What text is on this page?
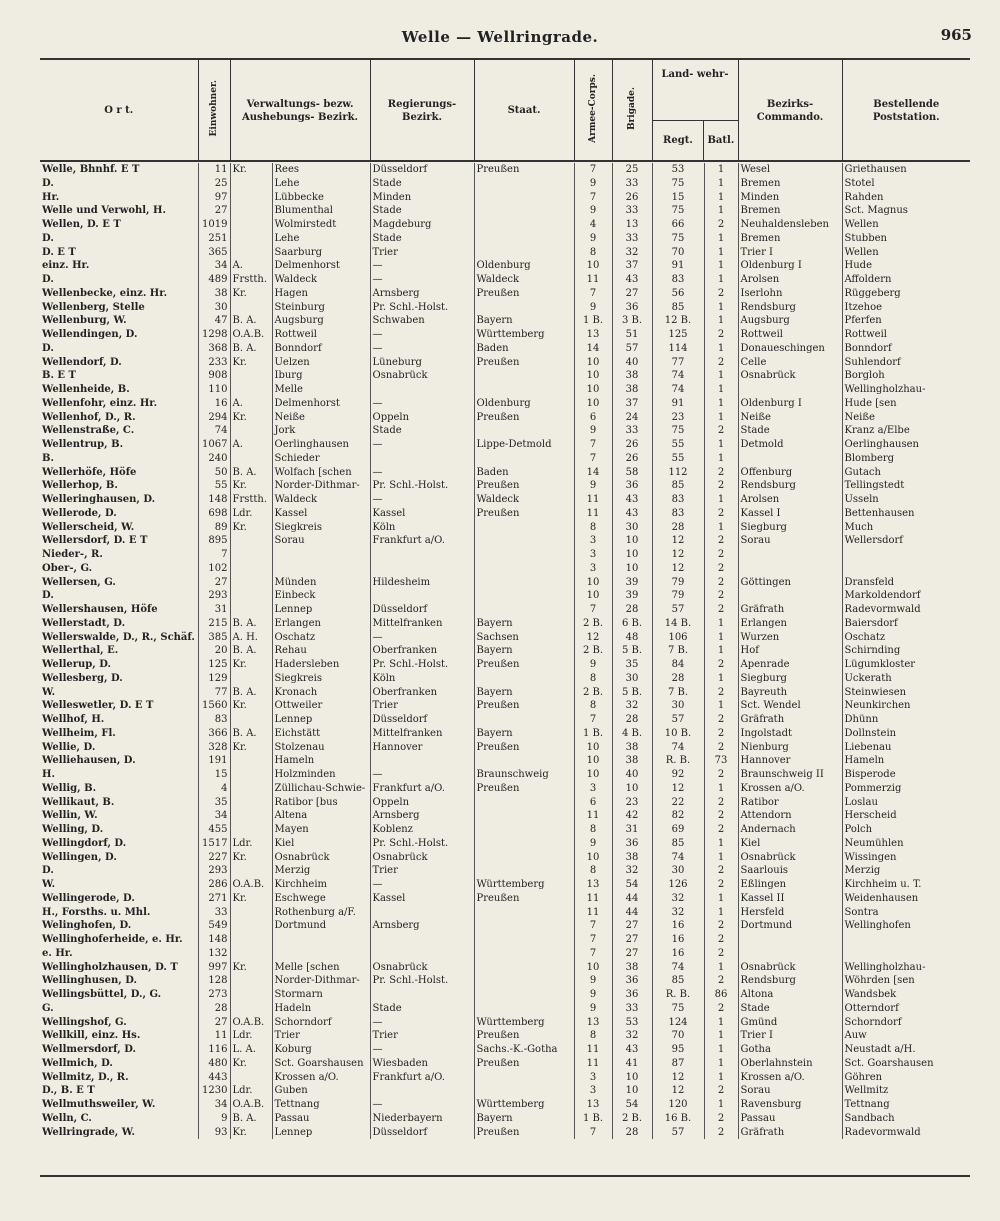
Welle — Wellringrade.	965
O r t.	Einwohner.	Verwaltungs- bezw. Aushebungs- Bezirk.	Regierungs- Bezirk.	Staat.	Armee-Corps.	Brigade.	
Land- wehr-
Regt.	Batl.
	Bezirks- Commando.	Bestellende Poststation.
Welle, Bhnhf. E T	11	Kr.	Rees	Düsseldorf	Preußen	7	25	53	1	Wesel	Griethausen
D.	25		Lehe	Stade		9	33	75	1	Bremen	Stotel
Hr.	97		Lübbecke	Minden		7	26	15	1	Minden	Rahden
Welle und Verwohl, H.	27		Blumenthal	Stade		9	33	75	1	Bremen	Sct. Magnus
Wellen, D. E T	1019		Wolmirstedt	Magdeburg		4	13	66	2	Neuhaldensleben	Wellen
D.	251		Lehe	Stade		9	33	75	1	Bremen	Stubben
D. E T	365		Saarburg	Trier		8	32	70	1	Trier I	Wellen
einz. Hr.	34	A.	Delmenhorst	—	Oldenburg	10	37	91	1	Oldenburg I	Hude
D.	489	Frstth.	Waldeck	—	Waldeck	11	43	83	1	Arolsen	Affoldern
Wellenbecke, einz. Hr.	38	Kr.	Hagen	Arnsberg	Preußen	7	27	56	2	Iserlohn	Rüggeberg
Wellenberg, Stelle	30		Steinburg	Pr. Schl.-Holst.		9	36	85	1	Rendsburg	Itzehoe
Wellenburg, W.	47	B. A.	Augsburg	Schwaben	Bayern	1 B.	3 B.	12 B.	1	Augsburg	Pferfen
Wellendingen, D.	1298	O.A.B.	Rottweil	—	Württemberg	13	51	125	2	Rottweil	Rottweil
D.	368	B. A.	Bonndorf	—	Baden	14	57	114	1	Donaueschingen	Bonndorf
Wellendorf, D.	233	Kr.	Uelzen	Lüneburg	Preußen	10	40	77	2	Celle	Suhlendorf
B. E T	908		Iburg	Osnabrück		10	38	74	1	Osnabrück	Borgloh
Wellenheide, B.	110		Melle			10	38	74	1		Wellingholzhau-
Wellenfohr, einz. Hr.	16	A.	Delmenhorst	—	Oldenburg	10	37	91	1	Oldenburg I	Hude [sen
Wellenhof, D., R.	294	Kr.	Neiße	Oppeln	Preußen	6	24	23	1	Neiße	Neiße
Wellenstraße, C.	74		Jork	Stade		9	33	75	2	Stade	Kranz a/Elbe
Wellentrup, B.	1067	A.	Oerlinghausen	—	Lippe-Detmold	7	26	55	1	Detmold	Oerlinghausen
B.	240		Schieder			7	26	55	1		Blomberg
Wellerhöfe, Höfe	50	B. A.	Wolfach [schen	—	Baden	14	58	112	2	Offenburg	Gutach
Wellerhop, B.	55	Kr.	Norder-Dithmar-	Pr. Schl.-Holst.	Preußen	9	36	85	2	Rendsburg	Tellingstedt
Welleringhausen, D.	148	Frstth.	Waldeck	—	Waldeck	11	43	83	1	Arolsen	Usseln
Wellerode, D.	698	Ldr.	Kassel	Kassel	Preußen	11	43	83	2	Kassel I	Bettenhausen
Wellerscheid, W.	89	Kr.	Siegkreis	Köln		8	30	28	1	Siegburg	Much
Wellersdorf, D. E T	895		Sorau	Frankfurt a/O.		3	10	12	2	Sorau	Wellersdorf
Nieder-, R.	7					3	10	12	2		
Ober-, G.	102					3	10	12	2		
Wellersen, G.	27		Münden	Hildesheim		10	39	79	2	Göttingen	Dransfeld
D.	293		Einbeck			10	39	79	2		Markoldendorf
Wellershausen, Höfe	31		Lennep	Düsseldorf		7	28	57	2	Gräfrath	Radevormwald
Wellerstadt, D.	215	B. A.	Erlangen	Mittelfranken	Bayern	2 B.	6 B.	14 B.	1	Erlangen	Baiersdorf
Wellerswalde, D., R., Schäf.	385	A. H.	Oschatz	—	Sachsen	12	48	106	1	Wurzen	Oschatz
Wellerthal, E.	20	B. A.	Rehau	Oberfranken	Bayern	2 B.	5 B.	7 B.	1	Hof	Schirnding
Wellerup, D.	125	Kr.	Hadersleben	Pr. Schl.-Holst.	Preußen	9	35	84	2	Apenrade	Lügumkloster
Wellesberg, D.	129		Siegkreis	Köln		8	30	28	1	Siegburg	Uckerath
W.	77	B. A.	Kronach	Oberfranken	Bayern	2 B.	5 B.	7 B.	2	Bayreuth	Steinwiesen
Welleswetler, D. E T	1560	Kr.	Ottweiler	Trier	Preußen	8	32	30	1	Sct. Wendel	Neunkirchen
Wellhof, H.	83		Lennep	Düsseldorf		7	28	57	2	Gräfrath	Dhünn
Wellheim, Fl.	366	B. A.	Eichstätt	Mittelfranken	Bayern	1 B.	4 B.	10 B.	2	Ingolstadt	Dollnstein
Wellie, D.	328	Kr.	Stolzenau	Hannover	Preußen	10	38	74	2	Nienburg	Liebenau
Welliehausen, D.	191		Hameln			10	38	R. B.	73	Hannover	Hameln
H.	15		Holzminden	—	Braunschweig	10	40	92	2	Braunschweig II	Bisperode
Wellig, B.	4		Züllichau-Schwie-	Frankfurt a/O.	Preußen	3	10	12	1	Krossen a/O.	Pommerzig
Wellikaut, B.	35		Ratibor [bus	Oppeln		6	23	22	2	Ratibor	Loslau
Wellin, W.	34		Altena	Arnsberg		11	42	82	2	Attendorn	Herscheid
Welling, D.	455		Mayen	Koblenz		8	31	69	2	Andernach	Polch
Wellingdorf, D.	1517	Ldr.	Kiel	Pr. Schl.-Holst.		9	36	85	1	Kiel	Neumühlen
Wellingen, D.	227	Kr.	Osnabrück	Osnabrück		10	38	74	1	Osnabrück	Wissingen
D.	293		Merzig	Trier		8	32	30	2	Saarlouis	Merzig
W.	286	O.A.B.	Kirchheim	—	Württemberg	13	54	126	2	Eßlingen	Kirchheim u. T.
Wellingerode, D.	271	Kr.	Eschwege	Kassel	Preußen	11	44	32	1	Kassel II	Weidenhausen
H., Forsths. u. Mhl.	33		Rothenburg a/F.			11	44	32	1	Hersfeld	Sontra
Welinghofen, D.	549		Dortmund	Arnsberg		7	27	16	2	Dortmund	Wellinghofen
Wellinghoferheide, e. Hr.	148					7	27	16	2		
e. Hr.	132					7	27	16	2		
Wellingholzhausen, D. T	997	Kr.	Melle [schen	Osnabrück		10	38	74	1	Osnabrück	Wellingholzhau-
Wellinghusen, D.	128		Norder-Dithmar-	Pr. Schl.-Holst.		9	36	85	2	Rendsburg	Wöhrden [sen
Wellingsbüttel, D., G.	273		Stormarn			9	36	R. B.	86	Altona	Wandsbek
G.	28		Hadeln	Stade		9	33	75	2	Stade	Otterndorf
Wellingshof, G.	27	O.A.B.	Schorndorf	—	Württemberg	13	53	124	1	Gmünd	Schorndorf
Wellkill, einz. Hs.	11	Ldr.	Trier	Trier	Preußen	8	32	70	1	Trier I	Auw
Wellmersdorf, D.	116	L. A.	Koburg	—	Sachs.-K.-Gotha	11	43	95	1	Gotha	Neustadt a/H.
Wellmich, D.	480	Kr.	Sct. Goarshausen	Wiesbaden	Preußen	11	41	87	1	Oberlahnstein	Sct. Goarshausen
Wellmitz, D., R.	443		Krossen a/O.	Frankfurt a/O.		3	10	12	1	Krossen a/O.	Göhren
D., B. E T	1230	Ldr.	Guben			3	10	12	2	Sorau	Wellmitz
Wellmuthsweiler, W.	34	O.A.B.	Tettnang	—	Württemberg	13	54	120	1	Ravensburg	Tettnang
Welln, C.	9	B. A.	Passau	Niederbayern	Bayern	1 B.	2 B.	16 B.	2	Passau	Sandbach
Wellringrade, W.	93	Kr.	Lennep	Düsseldorf	Preußen	7	28	57	2	Gräfrath	Radevormwald
